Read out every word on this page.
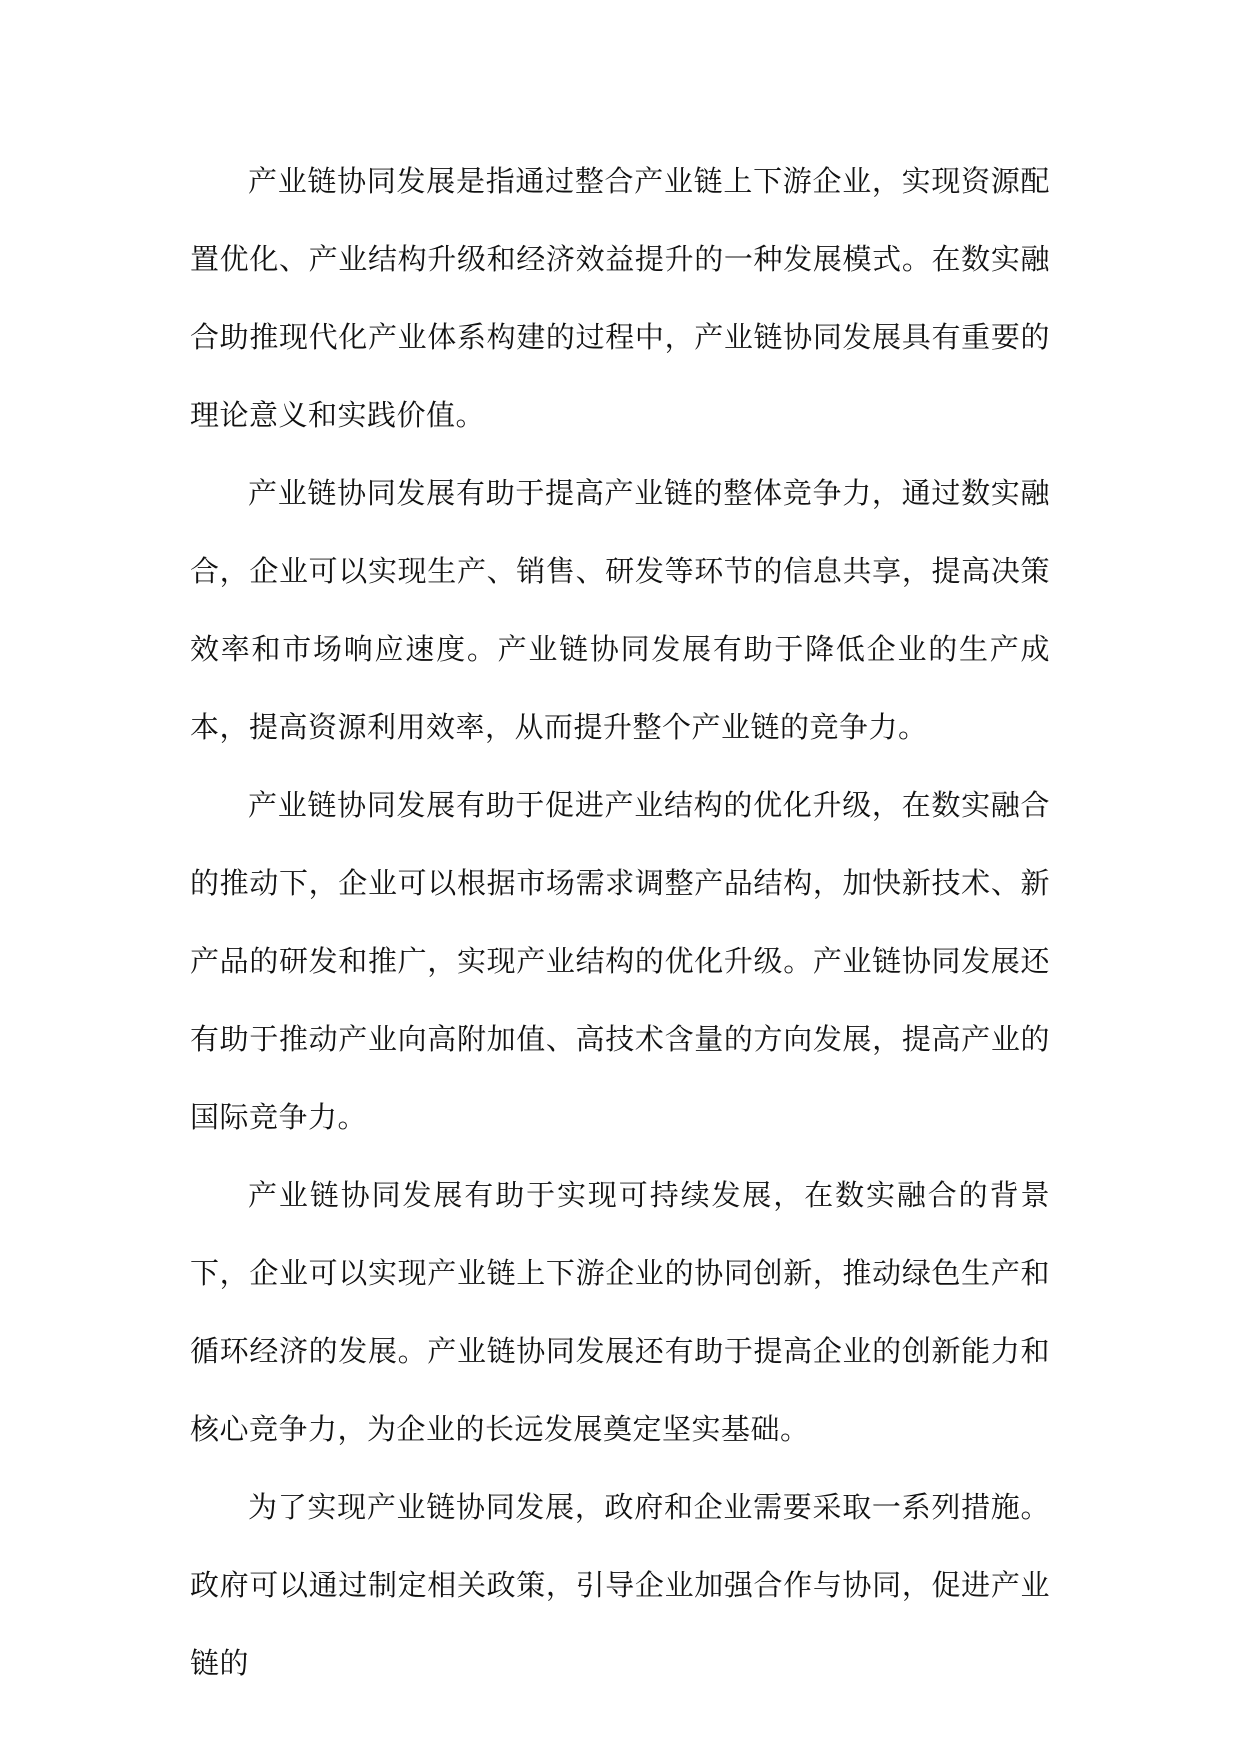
产业链协同发展是指通过整合产业链上下游企业，实现资源配置优化、产业结构升级和经济效益提升的一种发展模式。在数实融合助推现代化产业体系构建的过程中，产业链协同发展具有重要的理论意义和实践价值。

产业链协同发展有助于提高产业链的整体竞争力，通过数实融合，企业可以实现生产、销售、研发等环节的信息共享，提高决策效率和市场响应速度。产业链协同发展有助于降低企业的生产成本，提高资源利用效率，从而提升整个产业链的竞争力。

产业链协同发展有助于促进产业结构的优化升级，在数实融合的推动下，企业可以根据市场需求调整产品结构，加快新技术、新产品的研发和推广，实现产业结构的优化升级。产业链协同发展还有助于推动产业向高附加值、高技术含量的方向发展，提高产业的国际竞争力。

产业链协同发展有助于实现可持续发展，在数实融合的背景下，企业可以实现产业链上下游企业的协同创新，推动绿色生产和循环经济的发展。产业链协同发展还有助于提高企业的创新能力和核心竞争力，为企业的长远发展奠定坚实基础。

为了实现产业链协同发展，政府和企业需要采取一系列措施。政府可以通过制定相关政策，引导企业加强合作与协同，促进产业链的
